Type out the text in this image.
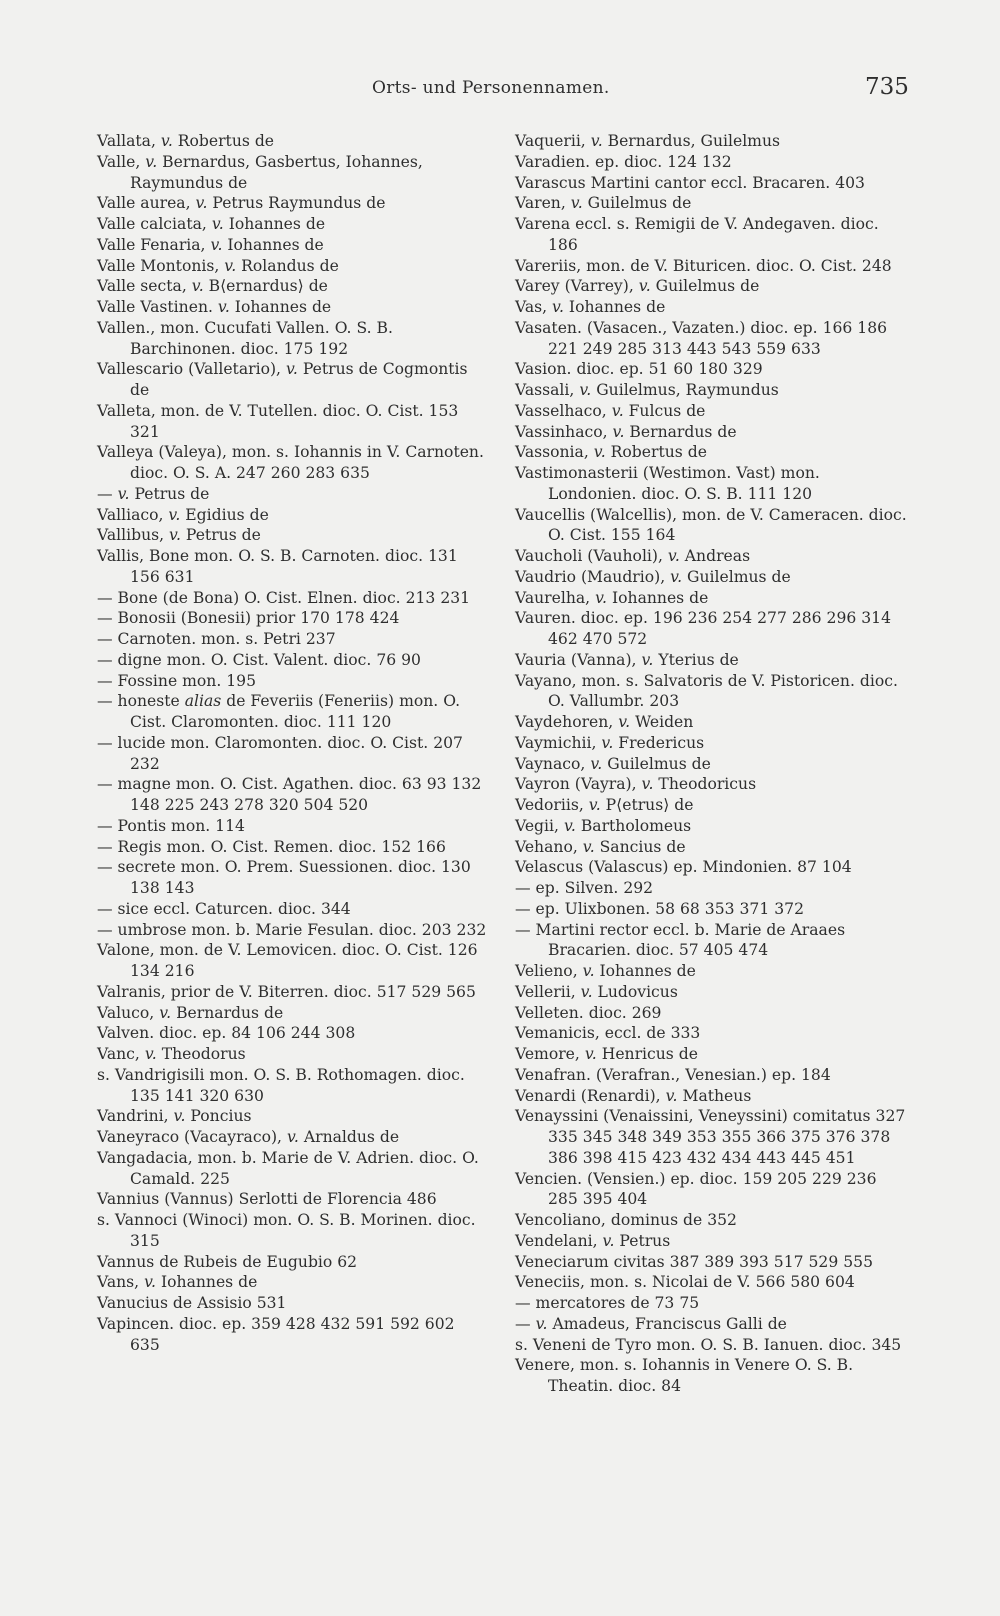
Orts- und Personennamen.	735

Vallata, v. Robertus de

Valle, v. Bernardus, Gasbertus, Iohannes, Raymundus de

Valle aurea, v. Petrus Raymundus de

Valle calciata, v. Iohannes de

Valle Fenaria, v. Iohannes de

Valle Montonis, v. Rolandus de

Valle secta, v. B⟨ernardus⟩ de

Valle Vastinen. v. Iohannes de

Vallen., mon. Cucufati Vallen. O. S. B. Barchinonen. dioc. 175 192

Vallescario (Valletario), v. Petrus de Cogmontis de

Valleta, mon. de V. Tutellen. dioc. O. Cist. 153 321

Valleya (Valeya), mon. s. Iohannis in V. Carnoten. dioc. O. S. A. 247 260 283 635

— v. Petrus de

Valliaco, v. Egidius de

Vallibus, v. Petrus de

Vallis, Bone mon. O. S. B. Carnoten. dioc. 131 156 631

— Bone (de Bona) O. Cist. Elnen. dioc. 213 231

— Bonosii (Bonesii) prior 170 178 424

— Carnoten. mon. s. Petri 237

— digne mon. O. Cist. Valent. dioc. 76 90

— Fossine mon. 195

— honeste alias de Feveriis (Feneriis) mon. O. Cist. Claromonten. dioc. 111 120

— lucide mon. Claromonten. dioc. O. Cist. 207 232

— magne mon. O. Cist. Agathen. dioc. 63 93 132 148 225 243 278 320 504 520

— Pontis mon. 114

— Regis mon. O. Cist. Remen. dioc. 152 166

— secrete mon. O. Prem. Suessionen. dioc. 130 138 143

— sice eccl. Caturcen. dioc. 344

— umbrose mon. b. Marie Fesulan. dioc. 203 232

Valone, mon. de V. Lemovicen. dioc. O. Cist. 126 134 216

Valranis, prior de V. Biterren. dioc. 517 529 565

Valuco, v. Bernardus de

Valven. dioc. ep. 84 106 244 308

Vanc, v. Theodorus

s. Vandrigisili mon. O. S. B. Rothomagen. dioc. 135 141 320 630

Vandrini, v. Poncius

Vaneyraco (Vacayraco), v. Arnaldus de

Vangadacia, mon. b. Marie de V. Adrien. dioc. O. Camald. 225

Vannius (Vannus) Serlotti de Florencia 486

s. Vannoci (Winoci) mon. O. S. B. Morinen. dioc. 315

Vannus de Rubeis de Eugubio 62

Vans, v. Iohannes de

Vanucius de Assisio 531

Vapincen. dioc. ep. 359 428 432 591 592 602 635

Vaquerii, v. Bernardus, Guilelmus

Varadien. ep. dioc. 124 132

Varascus Martini cantor eccl. Bracaren. 403

Varen, v. Guilelmus de

Varena eccl. s. Remigii de V. Andegaven. dioc. 186

Vareriis, mon. de V. Bituricen. dioc. O. Cist. 248

Varey (Varrey), v. Guilelmus de

Vas, v. Iohannes de

Vasaten. (Vasacen., Vazaten.) dioc. ep. 166 186 221 249 285 313 443 543 559 633

Vasion. dioc. ep. 51 60 180 329

Vassali, v. Guilelmus, Raymundus

Vasselhaco, v. Fulcus de

Vassinhaco, v. Bernardus de

Vassonia, v. Robertus de

Vastimonasterii (Westimon. Vast) mon. Londonien. dioc. O. S. B. 111 120

Vaucellis (Walcellis), mon. de V. Cameracen. dioc. O. Cist. 155 164

Vaucholi (Vauholi), v. Andreas

Vaudrio (Maudrio), v. Guilelmus de

Vaurelha, v. Iohannes de

Vauren. dioc. ep. 196 236 254 277 286 296 314 462 470 572

Vauria (Vanna), v. Yterius de

Vayano, mon. s. Salvatoris de V. Pistoricen. dioc. O. Vallumbr. 203

Vaydehoren, v. Weiden

Vaymichii, v. Fredericus

Vaynaco, v. Guilelmus de

Vayron (Vayra), v. Theodoricus

Vedoriis, v. P⟨etrus⟩ de

Vegii, v. Bartholomeus

Vehano, v. Sancius de

Velascus (Valascus) ep. Mindonien. 87 104

— ep. Silven. 292

— ep. Ulixbonen. 58 68 353 371 372

— Martini rector eccl. b. Marie de Araaes Bracarien. dioc. 57 405 474

Velieno, v. Iohannes de

Vellerii, v. Ludovicus

Velleten. dioc. 269

Vemanicis, eccl. de 333

Vemore, v. Henricus de

Venafran. (Verafran., Venesian.) ep. 184

Venardi (Renardi), v. Matheus

Venayssini (Venaissini, Veneyssini) comitatus 327 335 345 348 349 353 355 366 375 376 378 386 398 415 423 432 434 443 445 451

Vencien. (Vensien.) ep. dioc. 159 205 229 236 285 395 404

Vencoliano, dominus de 352

Vendelani, v. Petrus

Veneciarum civitas 387 389 393 517 529 555

Veneciis, mon. s. Nicolai de V. 566 580 604

— mercatores de 73 75

— v. Amadeus, Franciscus Galli de

s. Veneni de Tyro mon. O. S. B. Ianuen. dioc. 345

Venere, mon. s. Iohannis in Venere O. S. B. Theatin. dioc. 84
